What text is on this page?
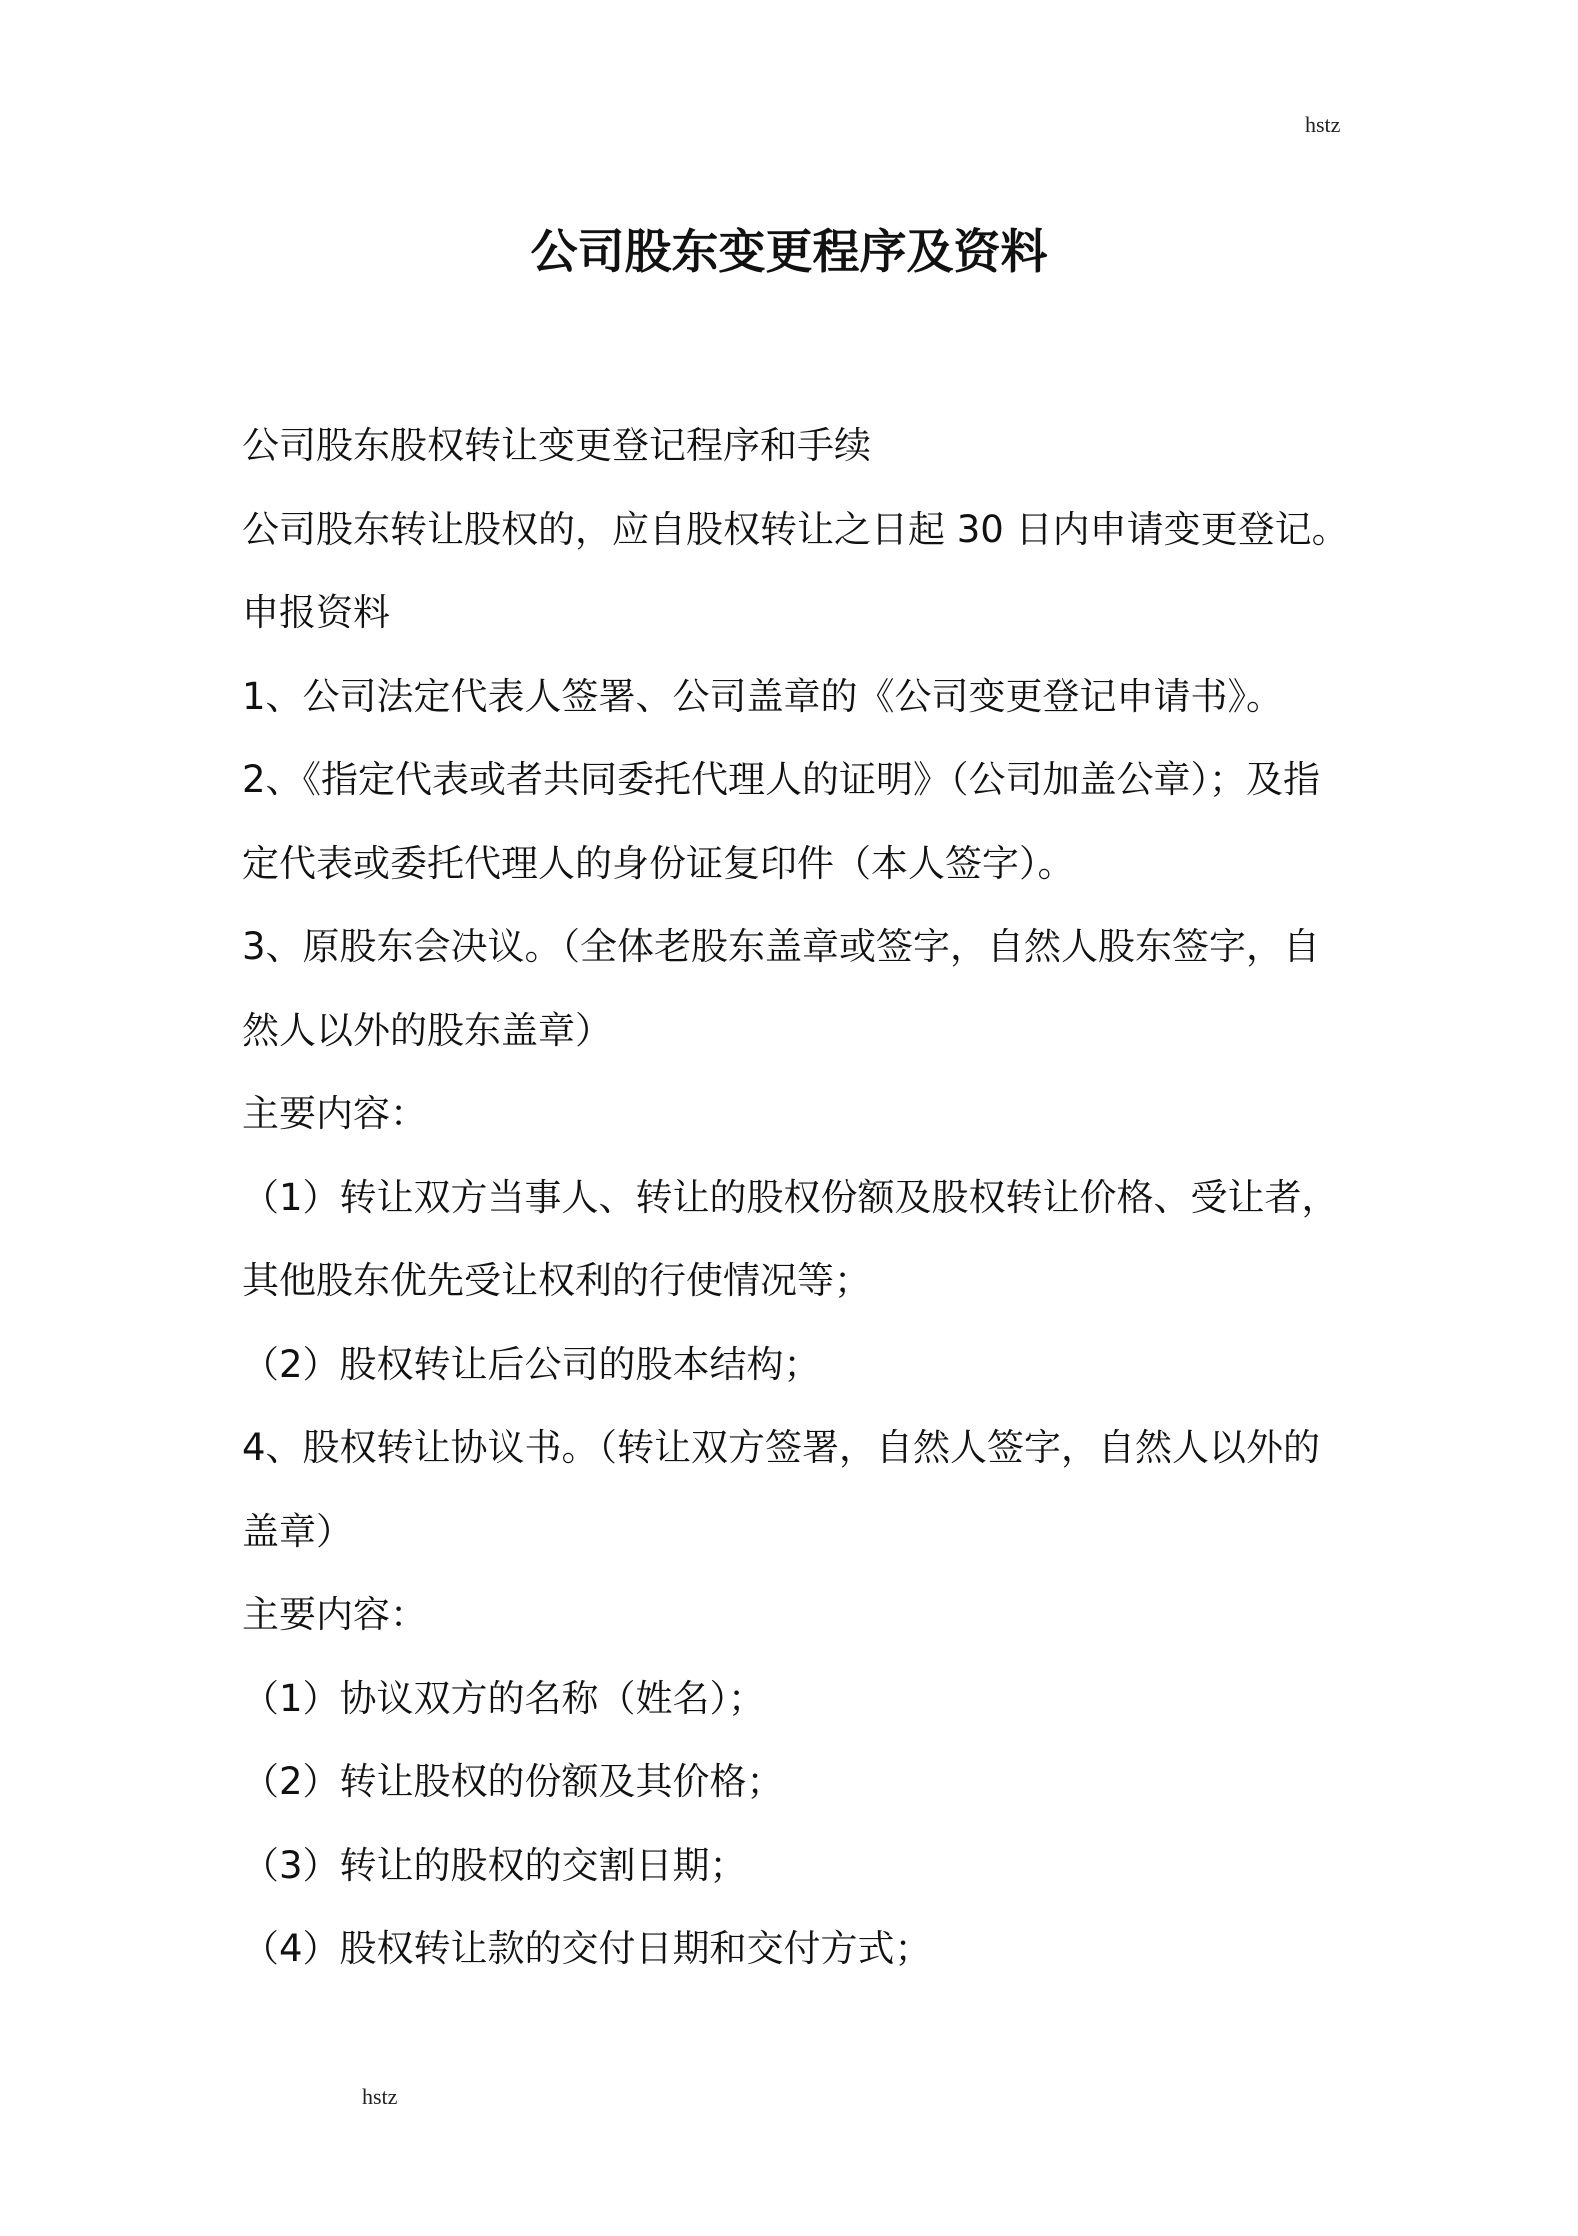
hstz
公司股东变更程序及资料
公司股东股权转让变更登记程序和手续
公司股东转让股权的，应自股权转让之日起 30 日内申请变更登记。
申报资料
1、公司法定代表人签署、公司盖章的《公司变更登记申请书》。
2、《指定代表或者共同委托代理人的证明》（公司加盖公章）；及指
定代表或委托代理人的身份证复印件（本人签字）。
3、原股东会决议。（全体老股东盖章或签字，自然人股东签字，自
然人以外的股东盖章）
主要内容：
（1）转让双方当事人、转让的股权份额及股权转让价格、受让者，
其他股东优先受让权利的行使情况等；
（2）股权转让后公司的股本结构；
4、股权转让协议书。（转让双方签署，自然人签字，自然人以外的
盖章）
主要内容：
（1）协议双方的名称（姓名）；
（2）转让股权的份额及其价格；
（3）转让的股权的交割日期；
（4）股权转让款的交付日期和交付方式；
hstz
